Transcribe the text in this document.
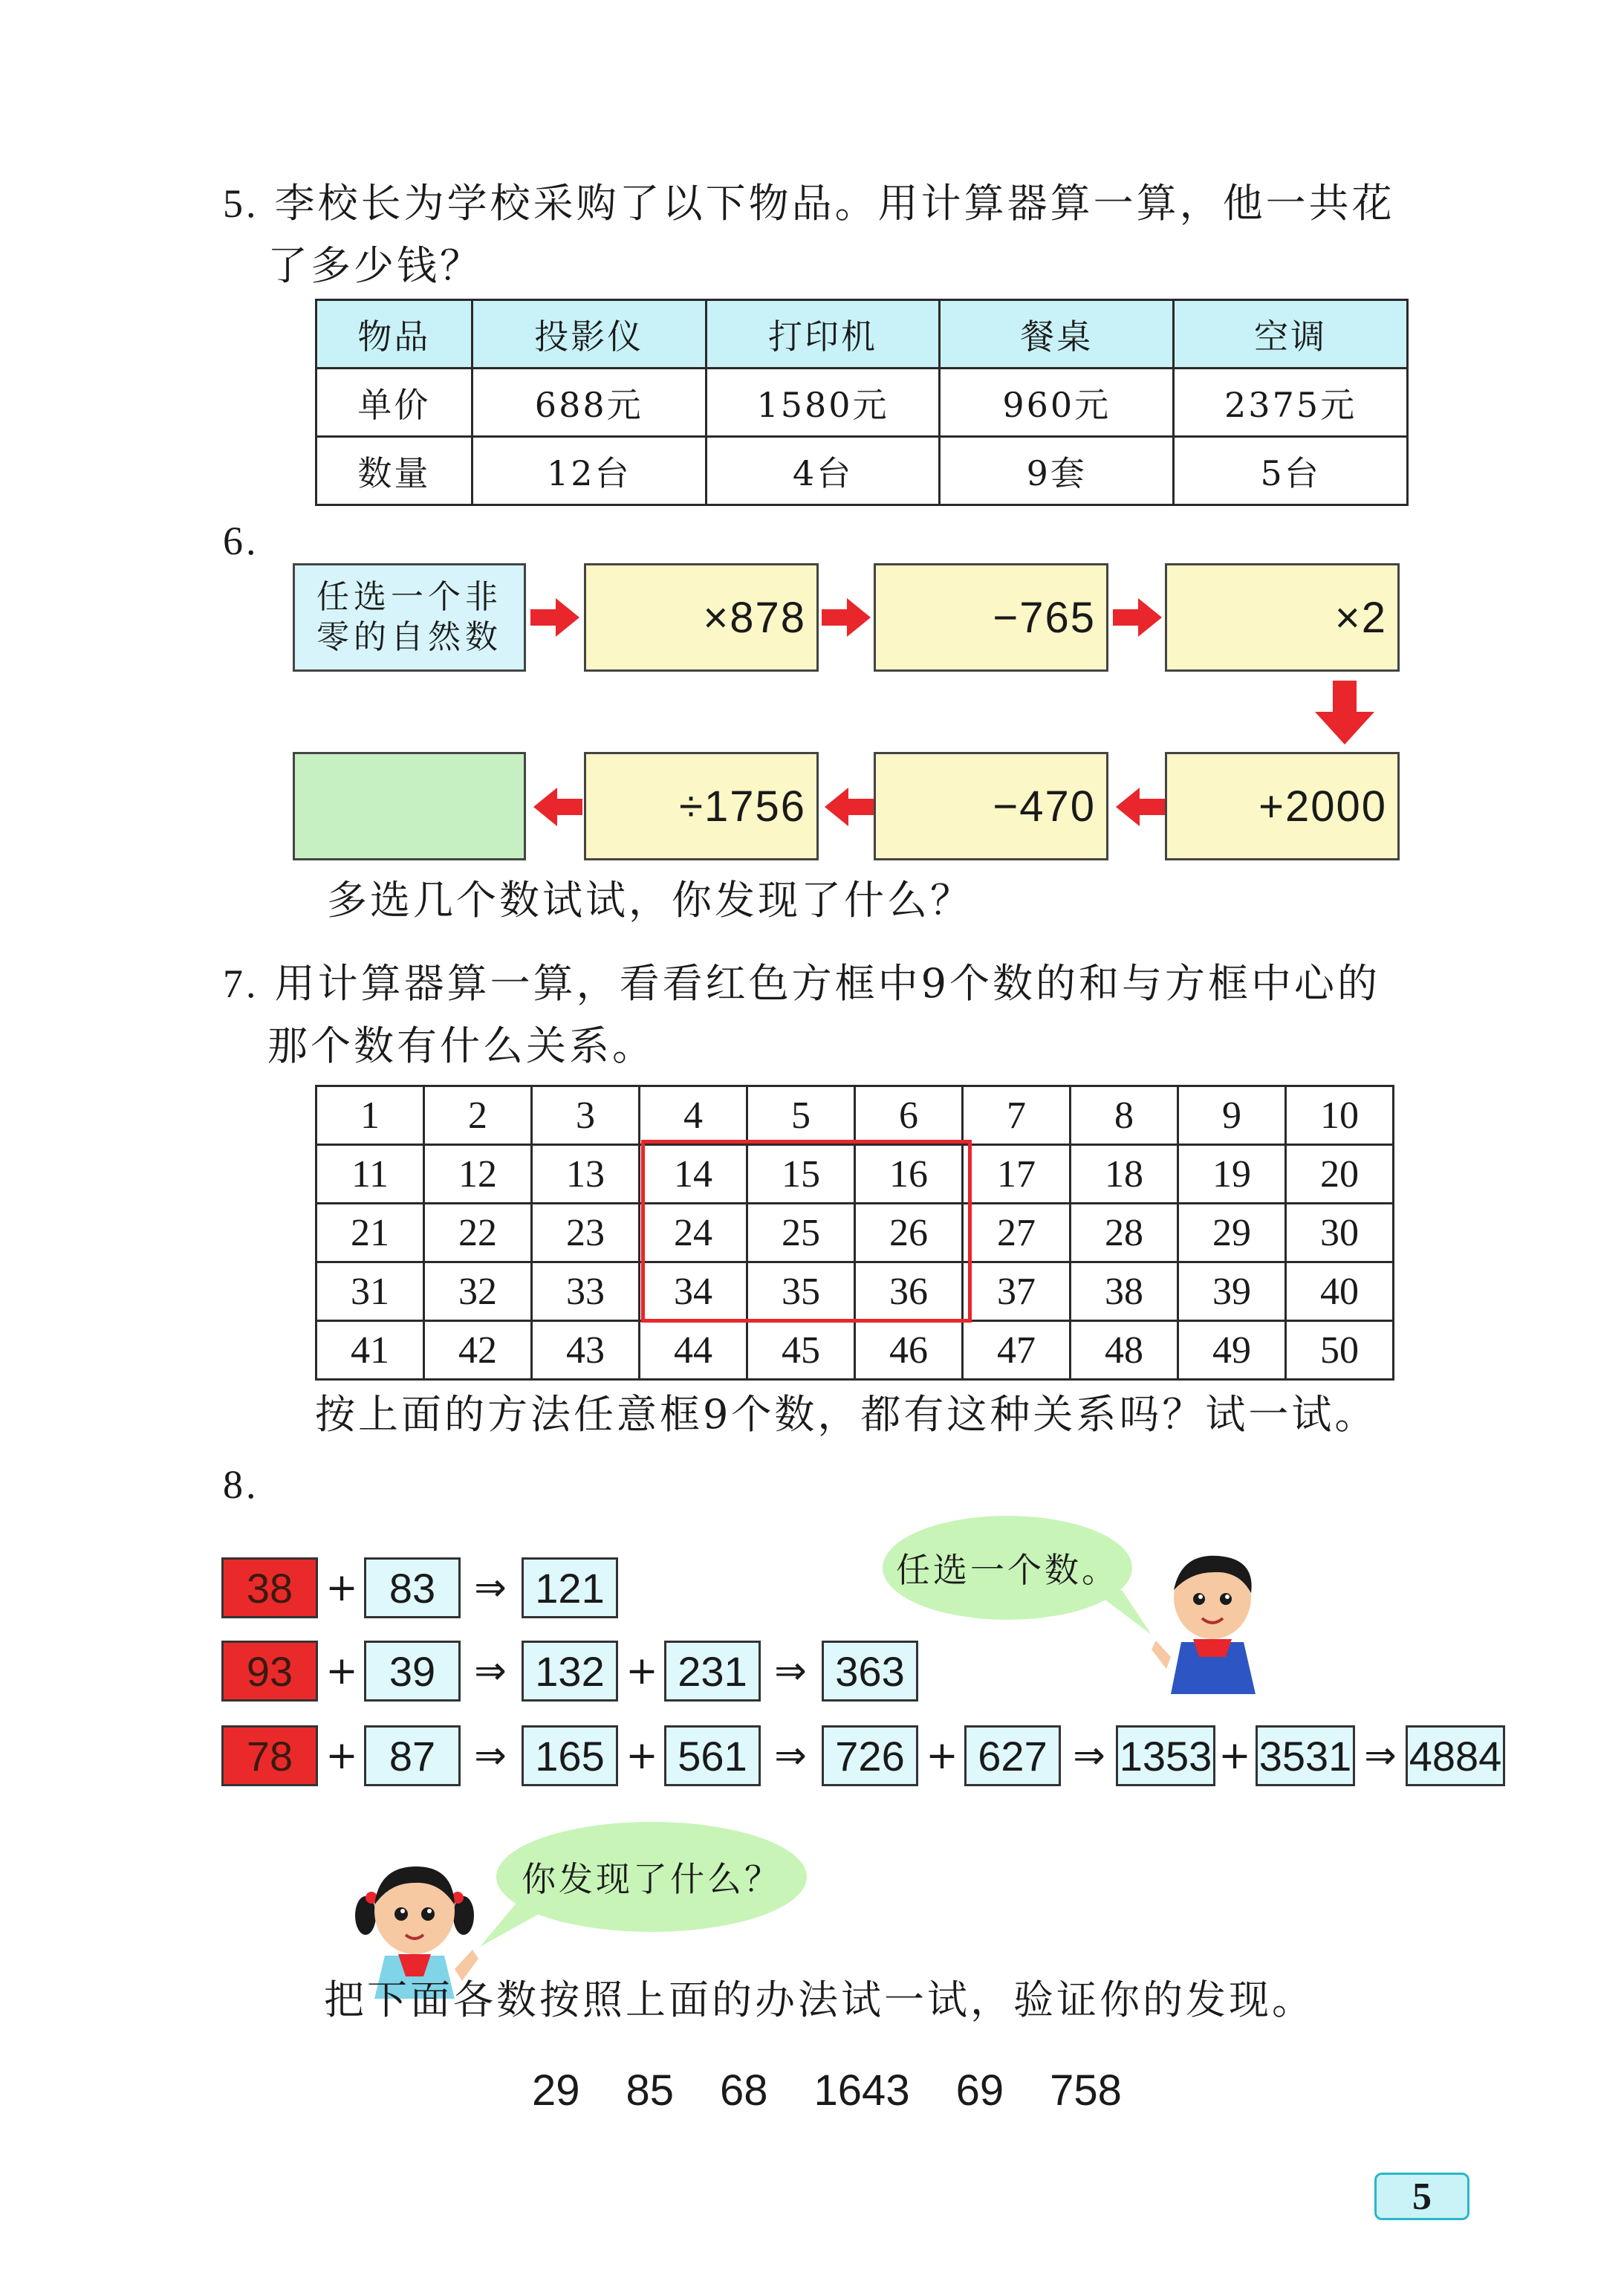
5. 李校长为学校采购了以下物品。用计算器算一算，他一共花
了多少钱？
物品	投影仪	打印机	餐桌	空调
单价	688元	1580元	960元	2375元
数量	12台	4台	9套	5台
6.
任选一个非
零的自然数	×878	−765	×2
÷1756	−470	+2000
多选几个数试试，你发现了什么？
7. 用计算器算一算，看看红色方框中9个数的和与方框中心的
那个数有什么关系。
1	2	3	4	5	6	7	8	9	10
11	12	13	14	15	16	17	18	19	20
21	22	23	24	25	26	27	28	29	30
31	32	33	34	35	36	37	38	39	40
41	42	43	44	45	46	47	48	49	50
按上面的方法任意框9个数，都有这种关系吗？试一试。
8.
任选一个数。
38 + 83	⇒ 121
93 + 39	⇒ 132 + 231 ⇒ 363
78 + 87	⇒ 165 + 561 ⇒ 726 + 627 ⇒ 1353 + 3531 ⇒ 4884
你发现了什么？
把下面各数按照上面的办法试一试，验证你的发现。
29 85 68 1643 69 758
5
